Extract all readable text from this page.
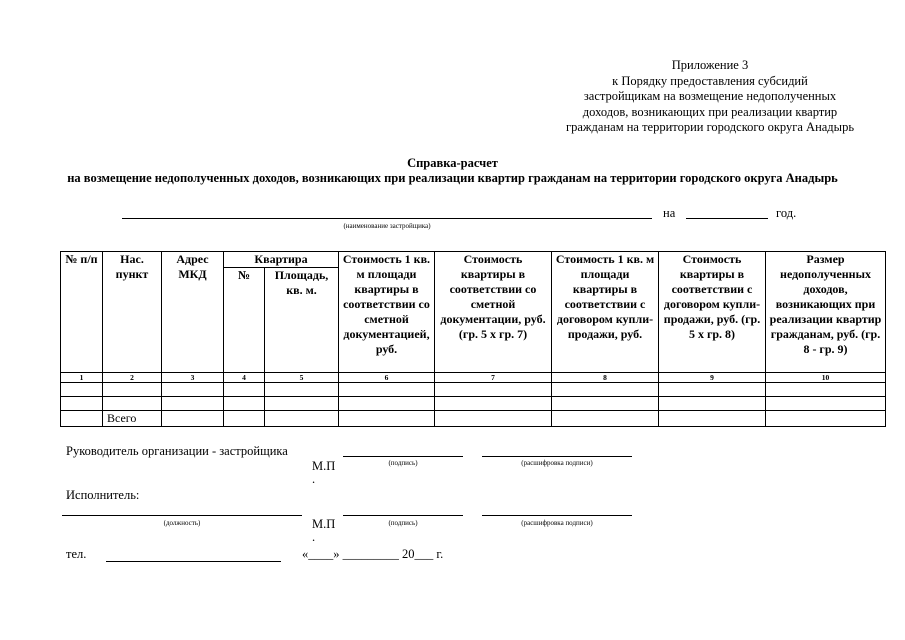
Приложение 3
к Порядку предоставления субсидий
застройщикам на возмещение недополученных
доходов, возникающих при реализации квартир
гражданам на территории городского округа Анадырь
Справка-расчет
на возмещение недополученных доходов, возникающих при реализации квартир гражданам на территории городского округа Анадырь
(наименование застройщика)
на	год.
№ п/п	Нас. пункт	Адрес МКД	Квартира		Стоимость 1 кв. м площади квартиры в соответствии со сметной документацией, руб.	Стоимость квартиры в соответствии со сметной документации, руб. (гр. 5 х гр. 7)	Стоимость 1 кв. м площади квартиры в соответствии с договором купли-продажи, руб.	Стоимость квартиры в соответствии с договором купли-продажи, руб. (гр. 5 х гр. 8)	Размер недополученных доходов, возникающих при реализации квартир гражданам, руб. (гр. 8 - гр. 9)
			№	Площадь, кв. м.					
1	2	3	4	5	6	7	8	9	10

	Всего								
Руководитель организации - застройщика
М.П
.
(подпись)	(расшифровка подписи)
Исполнитель:
(должность)	М.П
.
(подпись)	(расшифровка подписи)
тел.	«____» _________ 20___ г.
